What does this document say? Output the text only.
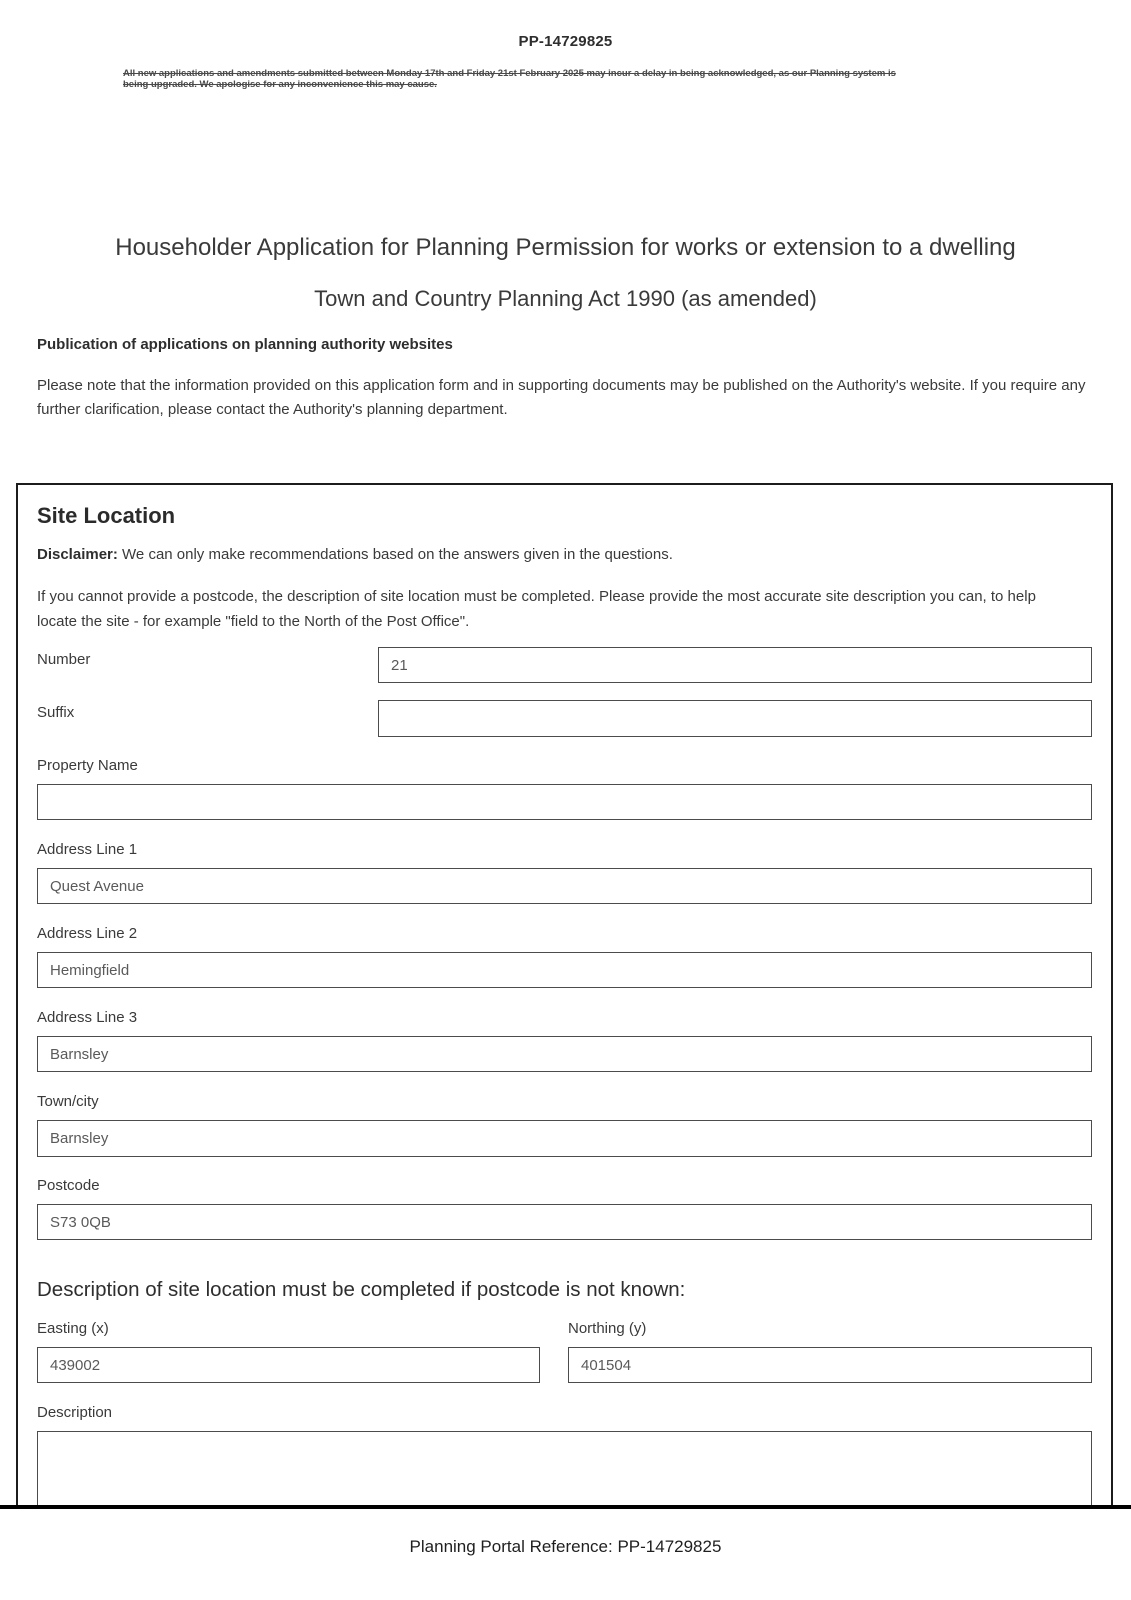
PP-14729825
All new applications and amendments submitted between Monday 17th and Friday 21st February 2025 may incur a delay in being acknowledged, as our Planning system is being upgraded. We apologise for any inconvenience this may cause.
Householder Application for Planning Permission for works or extension to a dwelling
Town and Country Planning Act 1990 (as amended)
Publication of applications on planning authority websites
Please note that the information provided on this application form and in supporting documents may be published on the Authority's website. If you require any further clarification, please contact the Authority's planning department.
Site Location
Disclaimer: We can only make recommendations based on the answers given in the questions.
If you cannot provide a postcode, the description of site location must be completed. Please provide the most accurate site description you can, to help locate the site - for example "field to the North of the Post Office".
Number
21
Suffix
Property Name
Address Line 1
Quest Avenue
Address Line 2
Hemingfield
Address Line 3
Barnsley
Town/city
Barnsley
Postcode
S73 0QB
Description of site location must be completed if postcode is not known:
Easting (x)
439002	Northing (y)
401504
Description
Planning Portal Reference: PP-14729825
